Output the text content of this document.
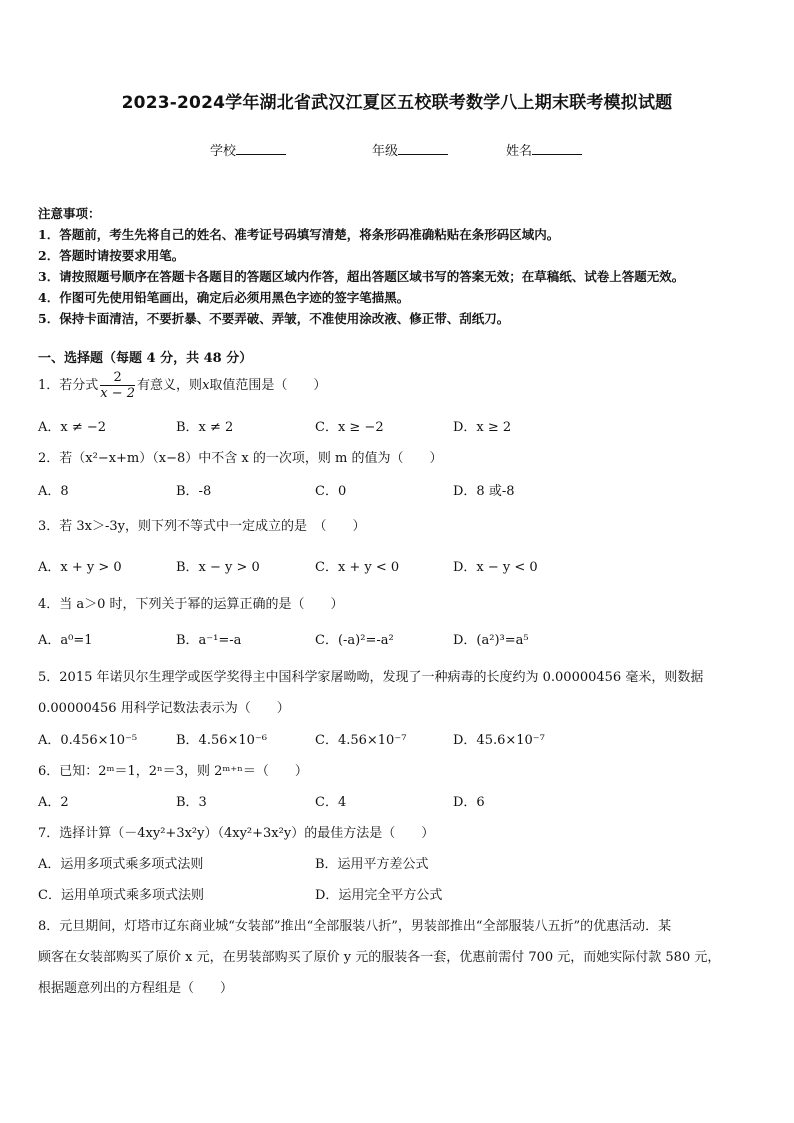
2023-2024学年湖北省武汉江夏区五校联考数学八上期末联考模拟试题
学校	年级	姓名
注意事项：
1．答题前，考生先将自己的姓名、准考证号码填写清楚，将条形码准确粘贴在条形码区域内。
2．答题时请按要求用笔。
3．请按照题号顺序在答题卡各题目的答题区域内作答，超出答题区域书写的答案无效；在草稿纸、试卷上答题无效。
4．作图可先使用铅笔画出，确定后必须用黑色字迹的签字笔描黑。
5．保持卡面清洁，不要折暴、不要弄破、弄皱，不准使用涂改液、修正带、刮纸刀。
一、选择题（每题 4 分，共 48 分）
1．若分式 $\frac{2}{x - 2}$ 有意义，则x取值范围是（　　）
A．x ≠ −2	B．x ≠ 2	C．x ≥ −2	D．x ≥ 2
2．若（x²−x+m）（x−8）中不含 x 的一次项，则 m 的值为（　　）
A．8	B．-8	C．0	D．8 或-8
3．若 3x＞-3y，则下列不等式中一定成立的是　（　　）
A．x + y > 0	B．x − y > 0	C．x + y < 0	D．x − y < 0
4．当 a＞0 时，下列关于幂的运算正确的是（　　）
A．a⁰=1	B．a⁻¹=-a	C．(-a)²=-a²	D．(a²)³=a⁵
5．2015 年诺贝尔生理学或医学奖得主中国科学家屠呦呦，发现了一种病毒的长度约为 0.00000456 毫米，则数据
0.00000456 用科学记数法表示为（　　）
A．0.456×10⁻⁵	B．4.56×10⁻⁶	C．4.56×10⁻⁷	D．45.6×10⁻⁷
6．已知：2ᵐ＝1，2ⁿ＝3，则 2ᵐ⁺ⁿ＝（　　）
A．2	B．3	C．4	D．6
7．选择计算（－4xy²+3x²y）（4xy²+3x²y）的最佳方法是（　　）
A．运用多项式乘多项式法则	B．运用平方差公式
C．运用单项式乘多项式法则	D．运用完全平方公式
8．元旦期间，灯塔市辽东商业城“女装部”推出“全部服装八折”，男装部推出“全部服装八五折”的优惠活动．某
顾客在女装部购买了原价 x 元，在男装部购买了原价 y 元的服装各一套，优惠前需付 700 元，而她实际付款 580 元，
根据题意列出的方程组是（　　）
